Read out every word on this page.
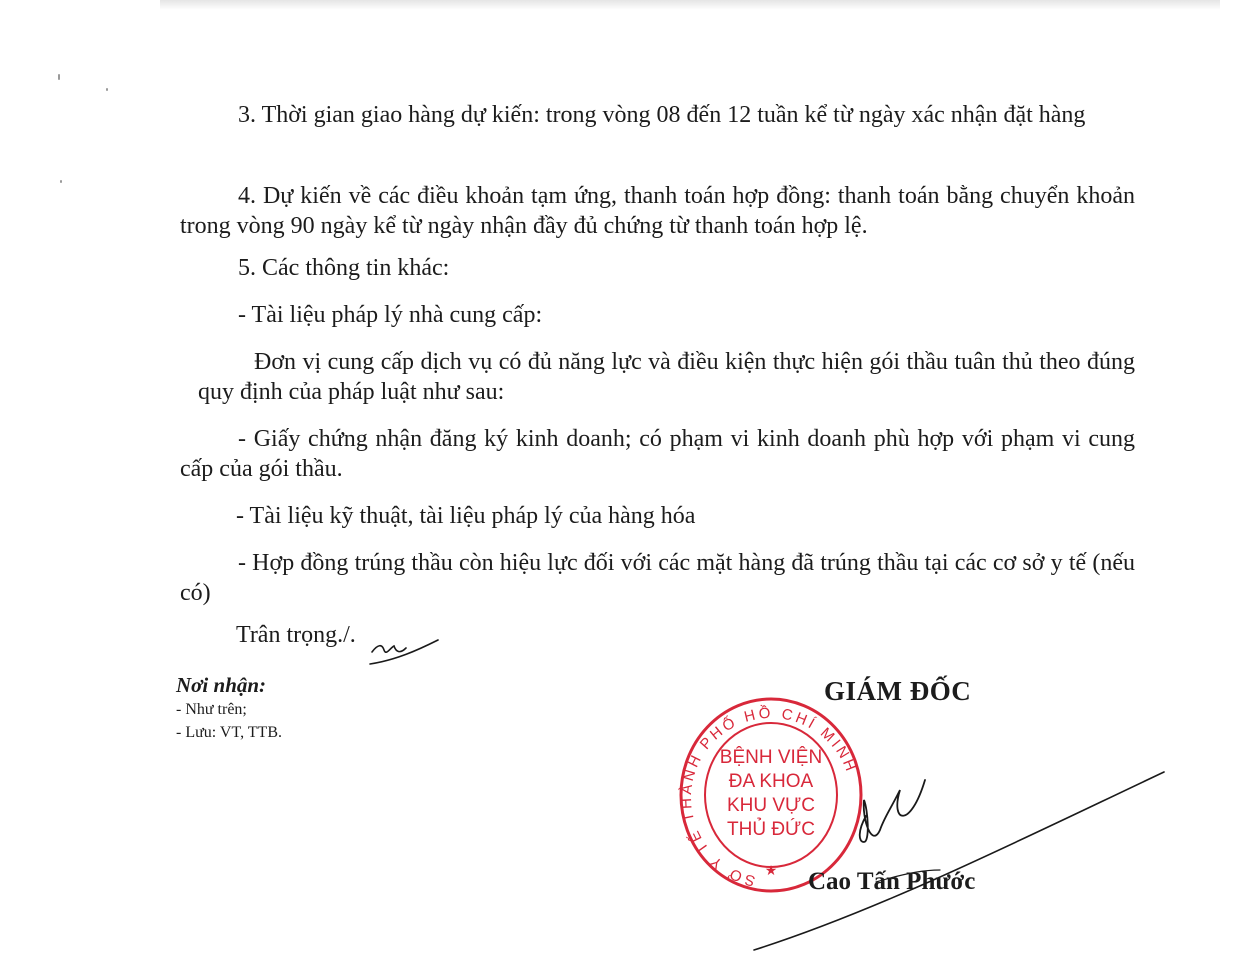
3. Thời gian giao hàng dự kiến: trong vòng 08 đến 12 tuần kể từ ngày xác nhận đặt hàng

4. Dự kiến về các điều khoản tạm ứng, thanh toán hợp đồng: thanh toán bằng chuyển khoản trong vòng 90 ngày kể từ ngày nhận đầy đủ chứng từ thanh toán hợp lệ.

5. Các thông tin khác:

- Tài liệu pháp lý nhà cung cấp:

Đơn vị cung cấp dịch vụ có đủ năng lực và điều kiện thực hiện gói thầu tuân thủ theo đúng quy định của pháp luật như sau:

- Giấy chứng nhận đăng ký kinh doanh; có phạm vi kinh doanh phù hợp với phạm vi cung cấp của gói thầu.

- Tài liệu kỹ thuật, tài liệu pháp lý của hàng hóa

- Hợp đồng trúng thầu còn hiệu lực đối với các mặt hàng đã trúng thầu tại các cơ sở y tế (nếu có)

Trân trọng./.

Nơi nhận:
- Như trên;
- Lưu: VT, TTB.
GIÁM ĐỐC
SỞ Y TẾ THÀNH PHỐ HỒ CHÍ MINH
BỆNH VIỆN
ĐA KHOA
KHU VỰC
THỦ ĐỨC
★ Cao Tấn Phước
